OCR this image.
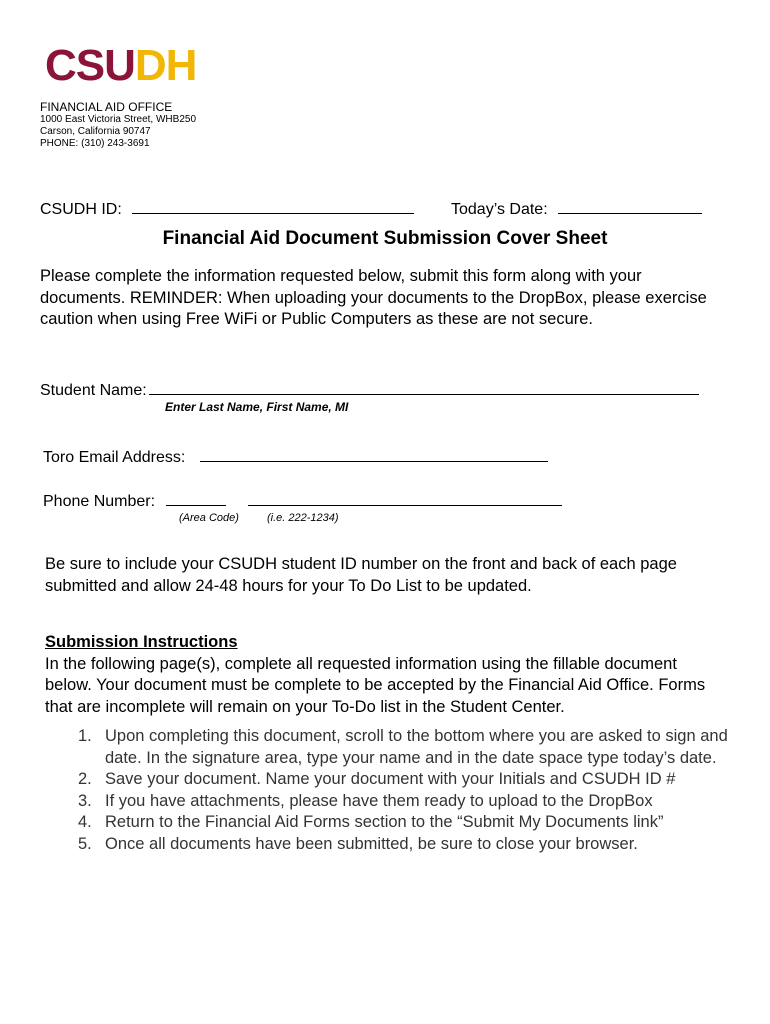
CSUDH
FINANCIAL AID OFFICE
1000 East Victoria Street, WHB250
Carson, California 90747
PHONE: (310) 243-3691
CSUDH ID:	Today’s Date:
Financial Aid Document Submission Cover Sheet
Please complete the information requested below, submit this form along with your documents. REMINDER: When uploading your documents to the DropBox, please exercise caution when using Free WiFi or Public Computers as these are not secure.
Student Name:
Enter Last Name, First Name, MI
Toro Email Address:
Phone Number:
(Area Code)	(i.e. 222-1234)
Be sure to include your CSUDH student ID number on the front and back of each page submitted and allow 24-48 hours for your To Do List to be updated.
Submission Instructions
In the following page(s), complete all requested information using the fillable document below. Your document must be complete to be accepted by the Financial Aid Office. Forms that are incomplete will remain on your To-Do list in the Student Center.
1. Upon completing this document, scroll to the bottom where you are asked to sign and date. In the signature area, type your name and in the date space type today’s date.
2. Save your document. Name your document with your Initials and CSUDH ID #
3. If you have attachments, please have them ready to upload to the DropBox
4. Return to the Financial Aid Forms section to the “Submit My Documents link”
5. Once all documents have been submitted, be sure to close your browser.
